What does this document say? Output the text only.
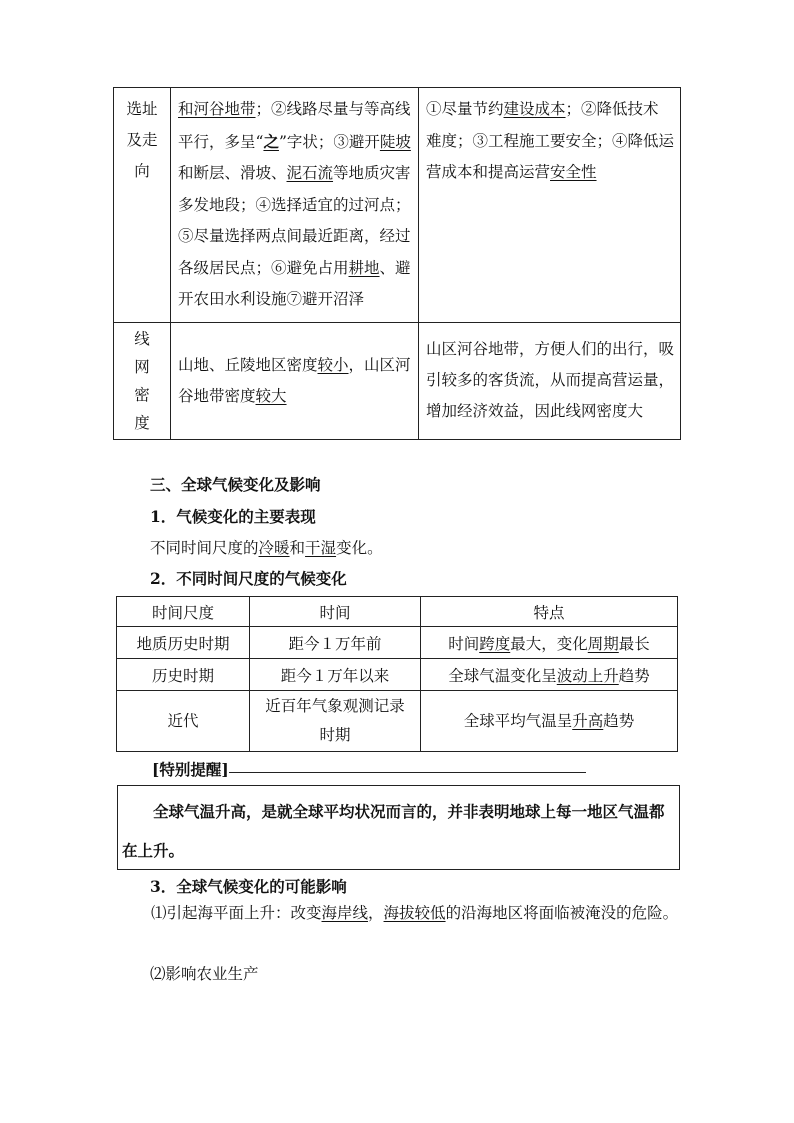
选址
及走
向	和河谷地带；②线路尽量与等高线平行，多呈“之”字状；③避开陡坡和断层、滑坡、泥石流等地质灾害多发地段；④选择适宜的过河点；⑤尽量选择两点间最近距离，经过各级居民点；⑥避免占用耕地、避开农田水利设施⑦避开沼泽	①尽量节约建设成本；②降低技术难度；③工程施工要安全；④降低运营成本和提高运营安全性

线
网
密
度	山地、丘陵地区密度较小，山区河谷地带密度较大	山区河谷地带，方便人们的出行，吸引较多的客货流，从而提高营运量，增加经济效益，因此线网密度大
三、全球气候变化及影响
1．气候变化的主要表现
不同时间尺度的冷暖和干湿变化。
2．不同时间尺度的气候变化
时间尺度	时间	特点
地质历史时期	距今１万年前	时间跨度最大，变化周期最长
历史时期	距今１万年以来	全球气温变化呈波动上升趋势
近代	近百年气象观测记录时期	全球平均气温呈升高趋势
[特别提醒]
全球气温升高，是就全球平均状况而言的，并非表明地球上每一地区气温都在上升。
3．全球气候变化的可能影响
⑴引起海平面上升：改变海岸线，海拔较低的沿海地区将面临被淹没的危险。
⑵影响农业生产
